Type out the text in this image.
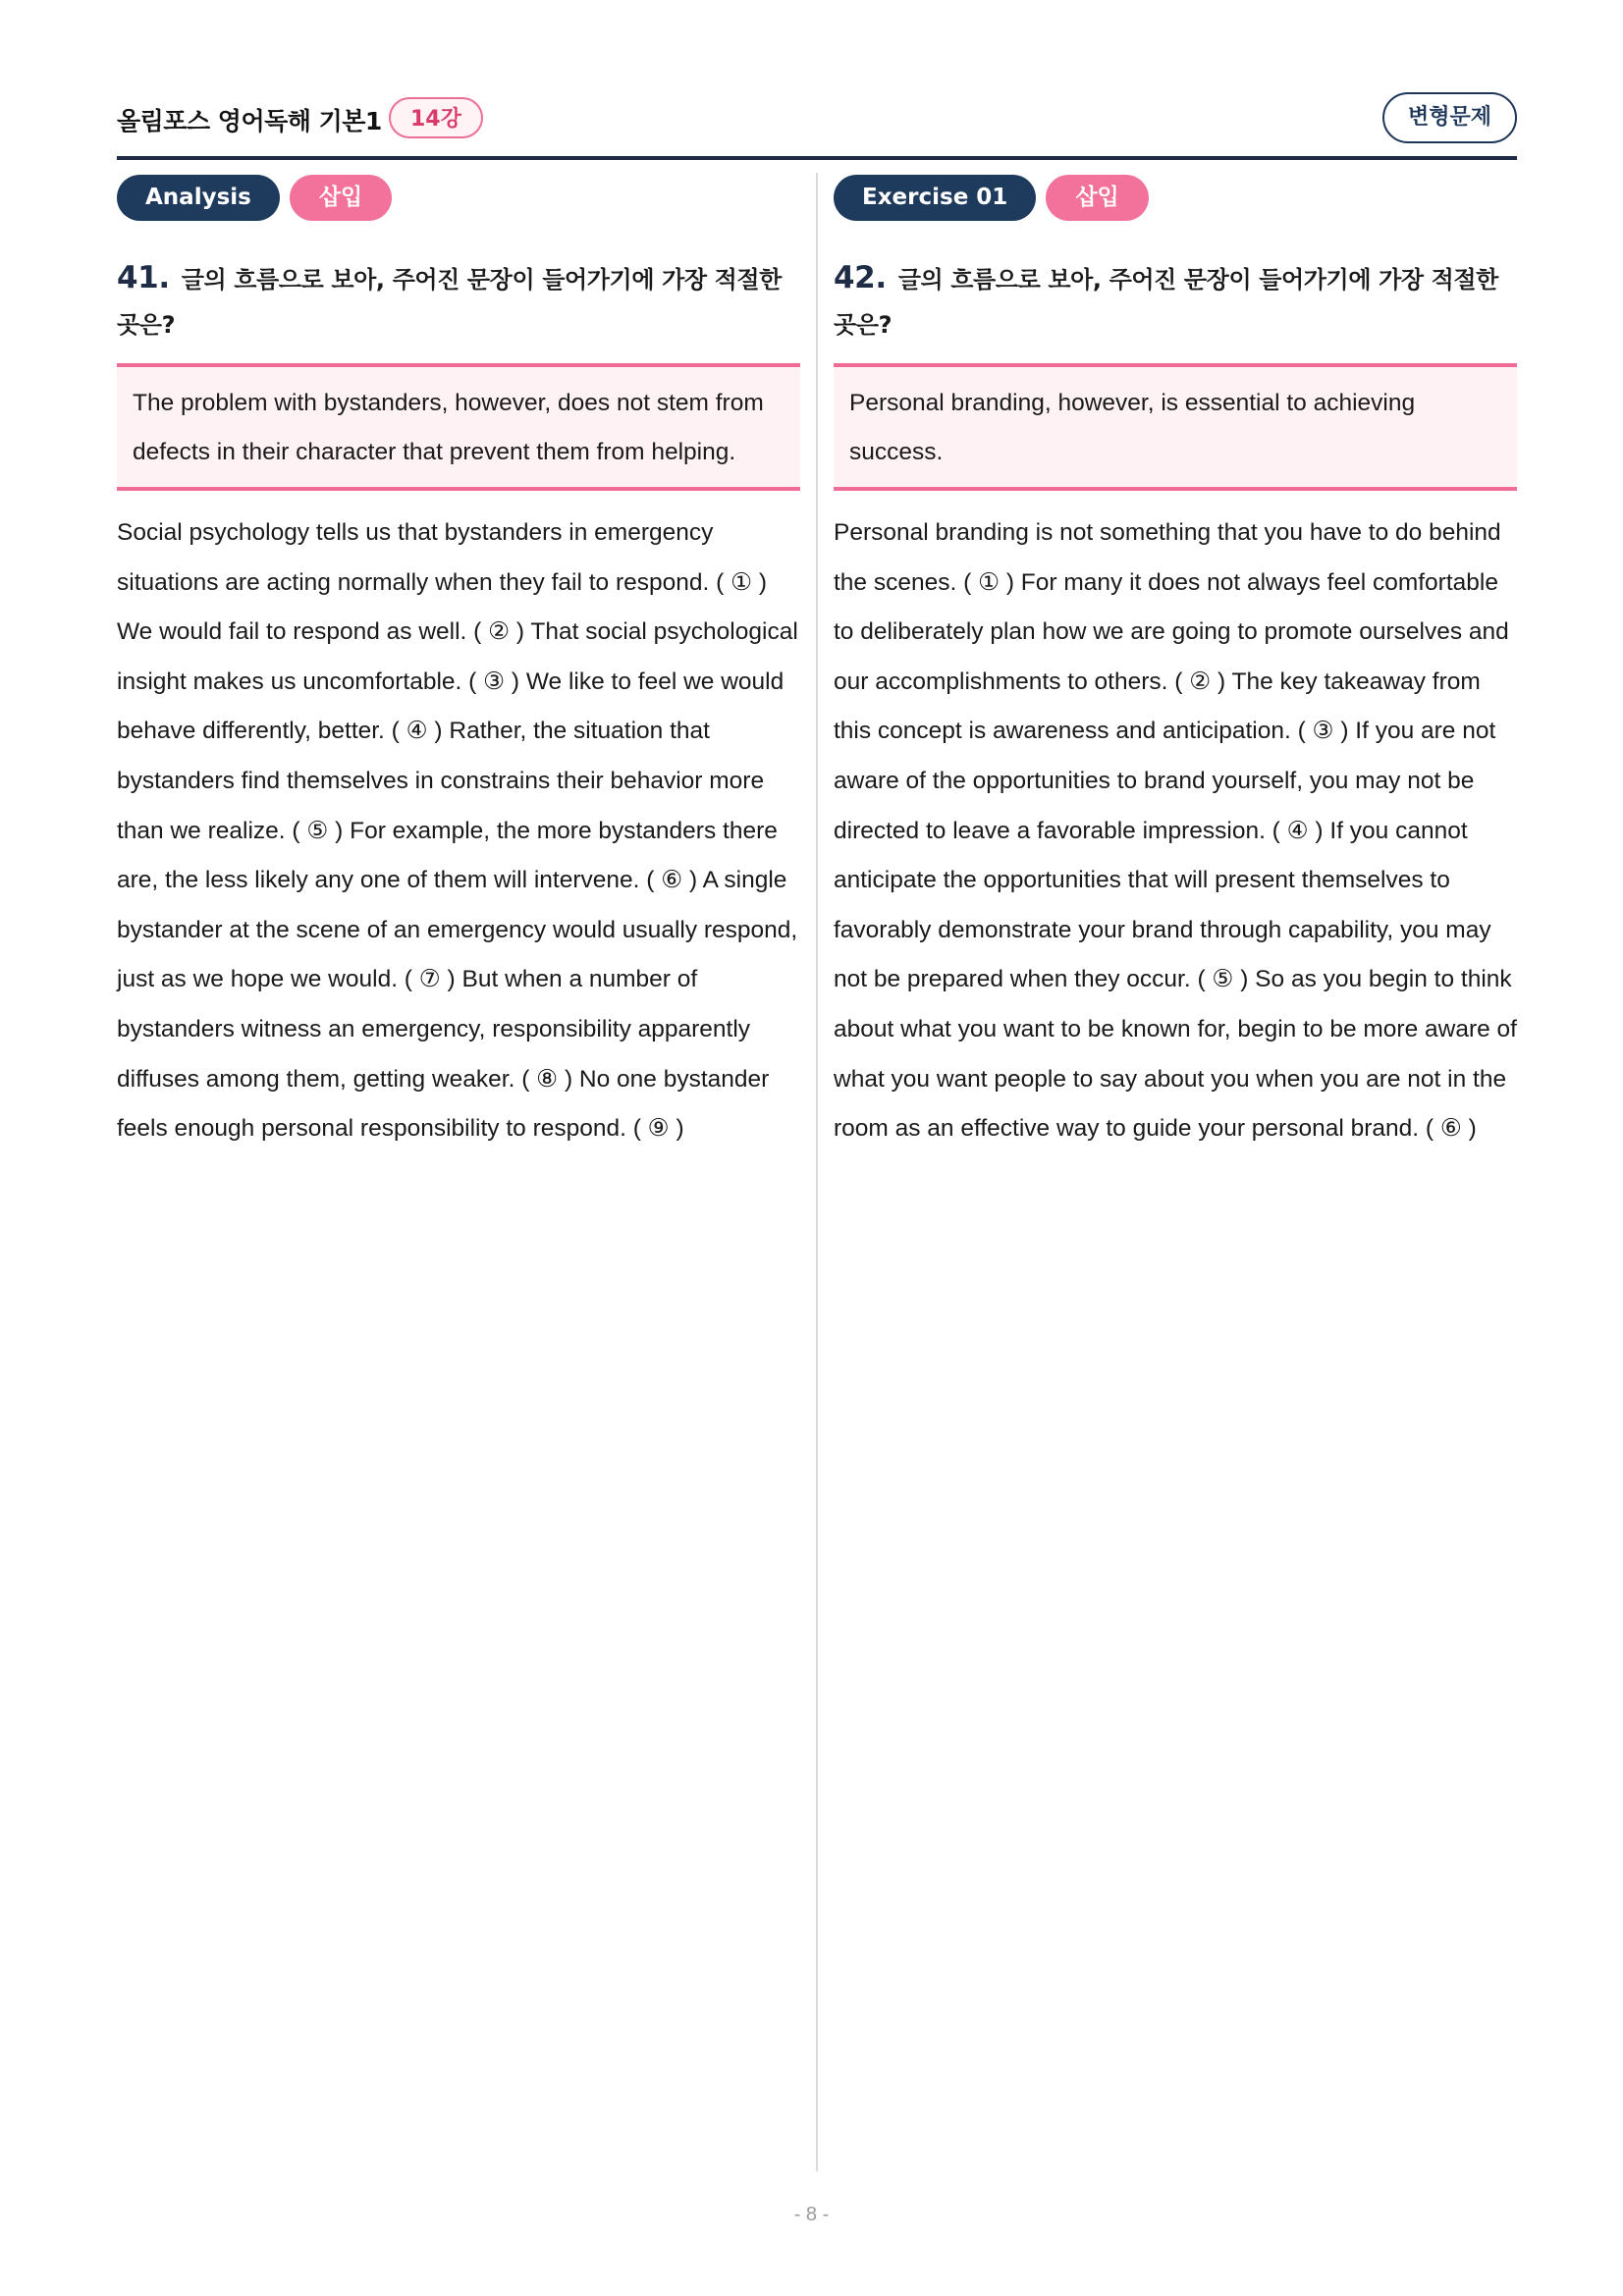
올림포스 영어독해 기본1	14강	변형문제
Analysis	삽입
41. 글의 흐름으로 보아, 주어진 문장이 들어가기에 가장 적절한 곳은?
The problem with bystanders, however, does not stem from defects in their character that prevent them from helping.
Social psychology tells us that bystanders in emergency situations are acting normally when they fail to respond. ( ① ) We would fail to respond as well. ( ② ) That social psychological insight makes us uncomfortable. ( ③ ) We like to feel we would behave differently, better. ( ④ ) Rather, the situation that bystanders find themselves in constrains their behavior more than we realize. ( ⑤ ) For example, the more bystanders there are, the less likely any one of them will intervene. ( ⑥ ) A single bystander at the scene of an emergency would usually respond, just as we hope we would. ( ⑦ ) But when a number of bystanders witness an emergency, responsibility apparently diffuses among them, getting weaker. ( ⑧ ) No one bystander feels enough personal responsibility to respond. ( ⑨ )
Exercise 01	삽입
42. 글의 흐름으로 보아, 주어진 문장이 들어가기에 가장 적절한 곳은?
Personal branding, however, is essential to achieving success.
Personal branding is not something that you have to do behind the scenes. ( ① ) For many it does not always feel comfortable to deliberately plan how we are going to promote ourselves and our accomplishments to others. ( ② ) The key takeaway from this concept is awareness and anticipation. ( ③ ) If you are not aware of the opportunities to brand yourself, you may not be directed to leave a favorable impression. ( ④ ) If you cannot anticipate the opportunities that will present themselves to favorably demonstrate your brand through capability, you may not be prepared when they occur. ( ⑤ ) So as you begin to think about what you want to be known for, begin to be more aware of what you want people to say about you when you are not in the room as an effective way to guide your personal brand. ( ⑥ )
- 8 -
